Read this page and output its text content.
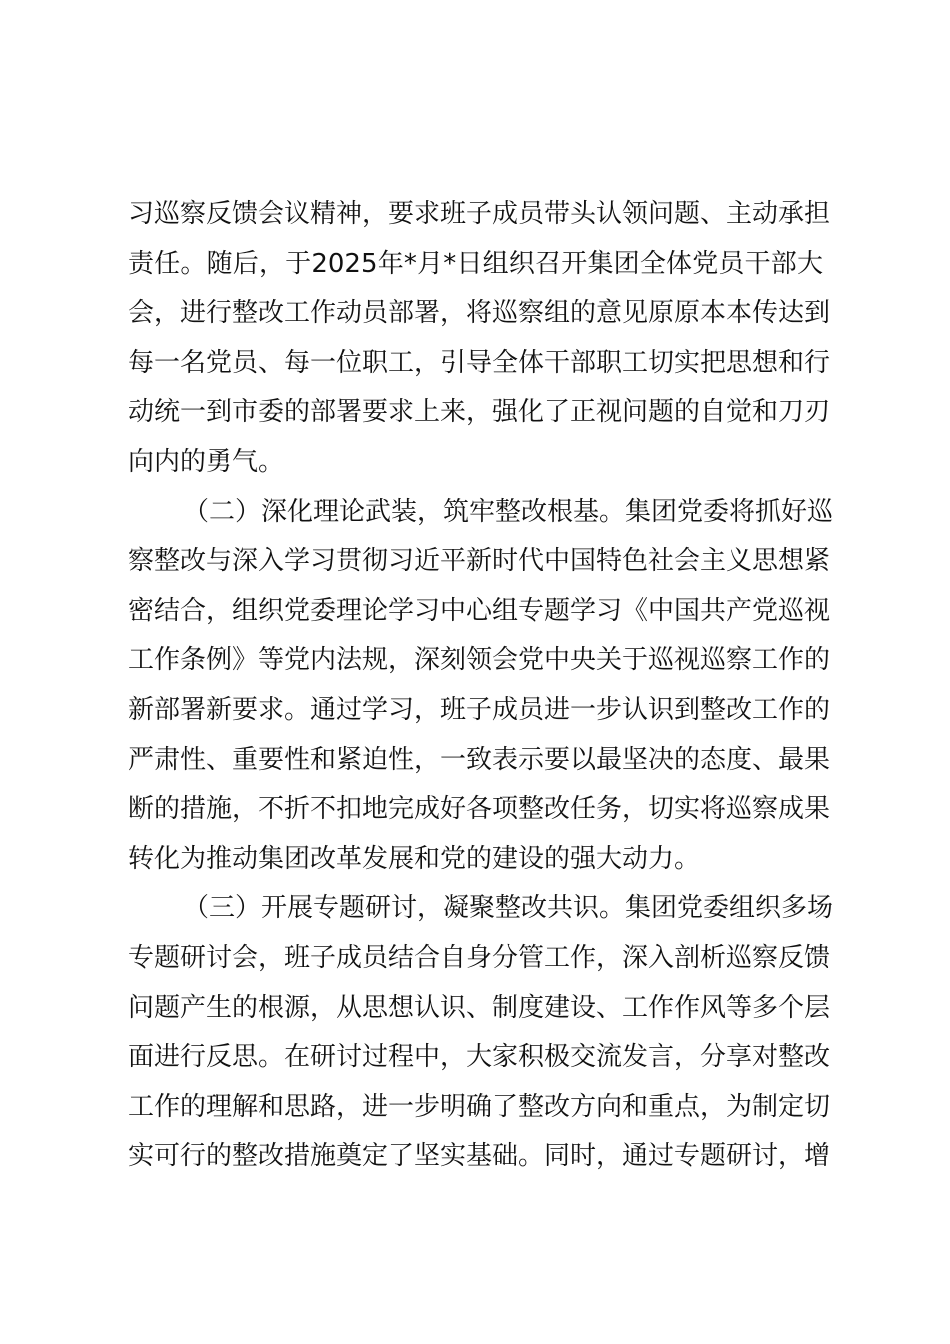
习巡察反馈会议精神，要求班子成员带头认领问题、主动承担
责任。随后，于2025年*月*日组织召开集团全体党员干部大
会，进行整改工作动员部署，将巡察组的意见原原本本传达到
每一名党员、每一位职工，引导全体干部职工切实把思想和行
动统一到市委的部署要求上来，强化了正视问题的自觉和刀刃
向内的勇气。
（二）深化理论武装，筑牢整改根基。集团党委将抓好巡
察整改与深入学习贯彻习近平新时代中国特色社会主义思想紧
密结合，组织党委理论学习中心组专题学习《中国共产党巡视
工作条例》等党内法规，深刻领会党中央关于巡视巡察工作的
新部署新要求。通过学习，班子成员进一步认识到整改工作的
严肃性、重要性和紧迫性，一致表示要以最坚决的态度、最果
断的措施，不折不扣地完成好各项整改任务，切实将巡察成果
转化为推动集团改革发展和党的建设的强大动力。
（三）开展专题研讨，凝聚整改共识。集团党委组织多场
专题研讨会，班子成员结合自身分管工作，深入剖析巡察反馈
问题产生的根源，从思想认识、制度建设、工作作风等多个层
面进行反思。在研讨过程中，大家积极交流发言，分享对整改
工作的理解和思路，进一步明确了整改方向和重点，为制定切
实可行的整改措施奠定了坚实基础。同时，通过专题研讨，增
